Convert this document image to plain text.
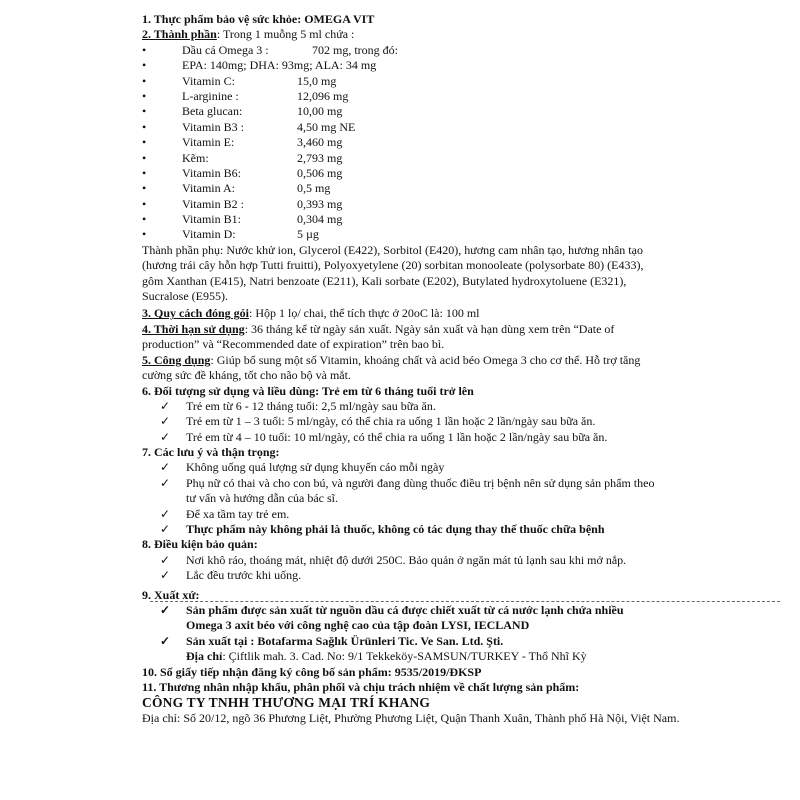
1. Thực phẩm bảo vệ sức khỏe: OMEGA VIT
2. Thành phần: Trong 1 muỗng 5 ml chứa :
•	Dầu cá Omega 3 :	702 mg, trong đó:
•	EPA: 140mg; DHA: 93mg; ALA: 34 mg
•	Vitamin C:	15,0 mg
•	L-arginine :	12,096 mg
•	Beta glucan:	10,00 mg
•	Vitamin B3 :	4,50 mg NE
•	Vitamin E:	3,460 mg
•	Kẽm:	2,793 mg
•	Vitamin B6:	0,506 mg
•	Vitamin A:	0,5 mg
•	Vitamin B2 :	0,393 mg
•	Vitamin B1:	0,304 mg
•	Vitamin D:	5 µg
Thành phần phụ: Nước khử ion, Glycerol (E422), Sorbitol (E420), hương cam nhân tạo, hương nhân tạo (hương trái cây hỗn hợp Tutti fruitti), Polyoxyetylene (20) sorbitan monooleate (polysorbate 80) (E433), gôm Xanthan (E415), Natri benzoate (E211), Kali sorbate (E202), Butylated hydroxytoluene (E321), Sucralose (E955).
3. Quy cách đóng gói: Hộp 1 lọ/ chai, thể tích thực ở 20oC là: 100 ml
4. Thời hạn sử dụng: 36 tháng kể từ ngày sản xuất. Ngày sản xuất và hạn dùng xem trên “Date of production” và “Recommended date of expiration” trên bao bì.
5. Công dụng: Giúp bổ sung một số Vitamin, khoáng chất và acid béo Omega 3 cho cơ thể. Hỗ trợ tăng cường sức đề kháng, tốt cho não bộ và mắt.
6. Đối tượng sử dụng và liều dùng: Trẻ em từ 6 tháng tuổi trở lên
✓ Trẻ em từ 6 - 12 tháng tuổi: 2,5 ml/ngày sau bữa ăn.
✓ Trẻ em từ 1 – 3 tuổi: 5 ml/ngày, có thể chia ra uống 1 lần hoặc 2 lần/ngày sau bữa ăn.
✓ Trẻ em từ 4 – 10 tuổi: 10 ml/ngày, có thể chia ra uống 1 lần hoặc 2 lần/ngày sau bữa ăn.
7. Các lưu ý và thận trọng:
✓ Không uống quá lượng sử dụng khuyến cáo mỗi ngày
✓ Phụ nữ có thai và cho con bú, và người đang dùng thuốc điều trị bệnh nên sử dụng sản phẩm theo
tư vấn và hướng dẫn của bác sĩ.
✓ Để xa tầm tay trẻ em.
✓ Thực phẩm này không phải là thuốc, không có tác dụng thay thế thuốc chữa bệnh
8. Điều kiện bảo quản:
✓ Nơi khô ráo, thoáng mát, nhiệt độ dưới 250C. Bảo quản ở ngăn mát tủ lạnh sau khi mở nắp.
✓ Lắc đều trước khi uống.
9. Xuất xứ:
✓ Sản phẩm được sản xuất từ nguồn dầu cá được chiết xuất từ cá nước lạnh chứa nhiều
Omega 3 axit béo với công nghệ cao của tập đoàn LYSI, IECLAND
✓ Sản xuất tại : Botafarma Sağlık Ürünleri Tic. Ve San. Ltd. Şti.
Địa chỉ: Çiftlik mah. 3. Cad. No: 9/1 Tekkeköy-SAMSUN/TURKEY - Thổ Nhĩ Kỳ
10. Số giấy tiếp nhận đăng ký công bố sản phẩm: 9535/2019/ĐKSP
11. Thương nhân nhập khẩu, phân phối và chịu trách nhiệm về chất lượng sản phẩm:
CÔNG TY TNHH THƯƠNG MẠI TRÍ KHANG
Địa chỉ: Số 20/12, ngõ 36 Phương Liệt, Phường Phương Liệt, Quận Thanh Xuân, Thành phố Hà Nội, Việt Nam.
